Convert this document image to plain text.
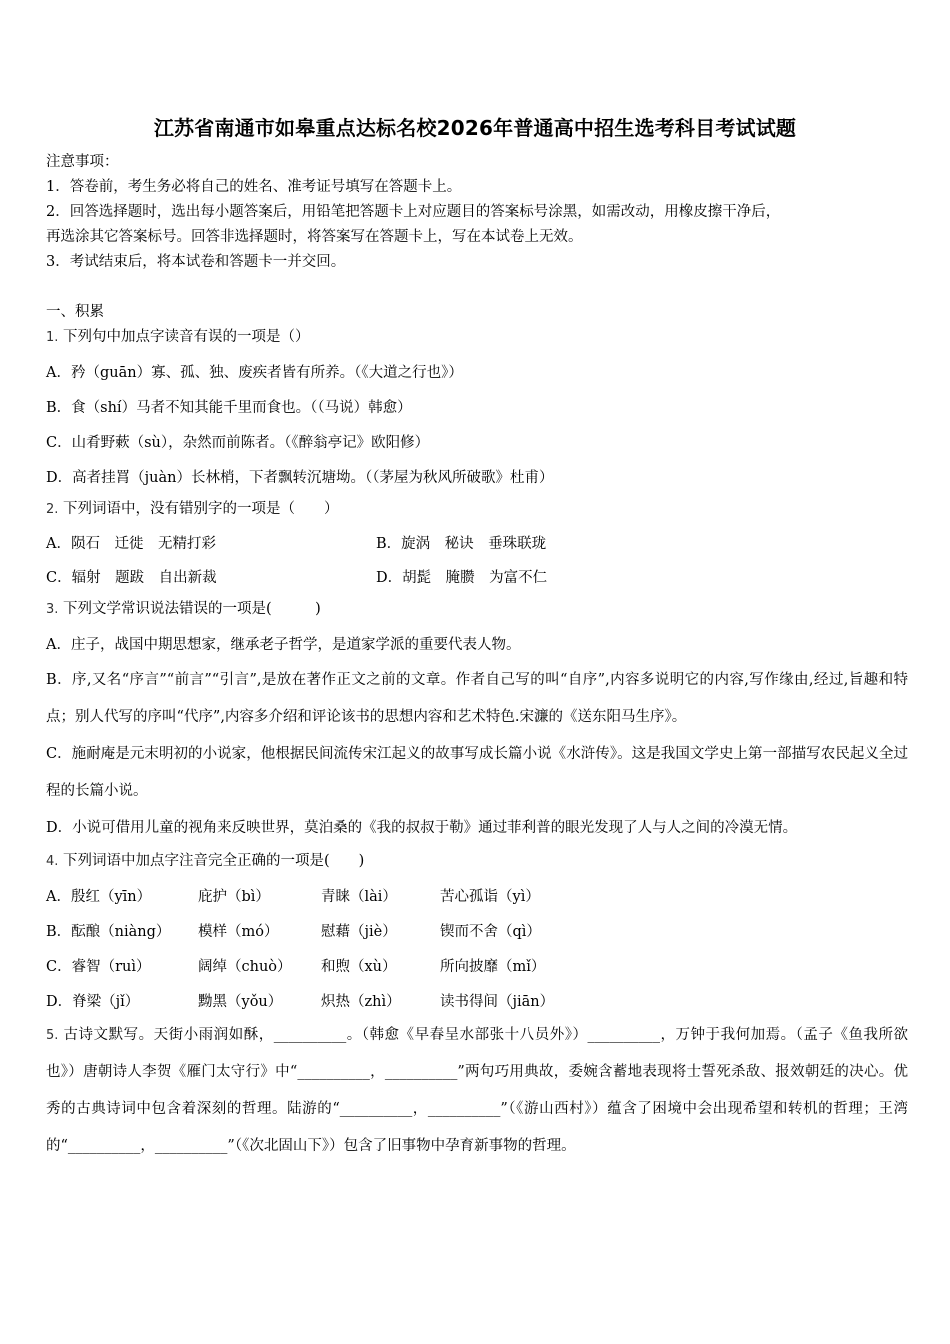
江苏省南通市如皋重点达标名校2026年普通高中招生选考科目考试试题
注意事项：
1．答卷前，考生务必将自己的姓名、准考证号填写在答题卡上。
2．回答选择题时，选出每小题答案后，用铅笔把答题卡上对应题目的答案标号涂黑，如需改动，用橡皮擦干净后，
再选涂其它答案标号。回答非选择题时，将答案写在答题卡上，写在本试卷上无效。
3．考试结束后，将本试卷和答题卡一并交回。
一、积累
1. 下列句中加点字读音有误的一项是（）
A．矜（guān）寡、孤、独、废疾者皆有所养。（《大道之行也》）
B．食（shí）马者不知其能千里而食也。（（马说）韩愈）
C．山肴野蔌（sù），杂然而前陈者。（《醉翁亭记》欧阳修）
D．高者挂罥（juàn）长林梢，下者飘转沉塘坳。（（茅屋为秋风所破歌》杜甫）
2. 下列词语中，没有错别字的一项是（　　）
A．陨石　迁徙　无精打彩	B．旋涡　秘诀　垂珠联珑
C．辐射　题跋　自出新裁	D．胡髭　腌臜　为富不仁
3. 下列文学常识说法错误的一项是(　　　)
A．庄子，战国中期思想家，继承老子哲学，是道家学派的重要代表人物。
B．序,又名“序言”“前言”“引言”,是放在著作正文之前的文章。作者自己写的叫“自序”,内容多说明它的内容,写作缘由,经过,旨趣和特点；别人代写的序叫“代序”,内容多介绍和评论该书的思想内容和艺术特色.宋濂的《送东阳马生序》。
C．施耐庵是元末明初的小说家，他根据民间流传宋江起义的故事写成长篇小说《水浒传》。这是我国文学史上第一部描写农民起义全过程的长篇小说。
D．小说可借用儿童的视角来反映世界，莫泊桑的《我的叔叔于勒》通过菲利普的眼光发现了人与人之间的冷漠无情。
4. 下列词语中加点字注音完全正确的一项是(　　)
A．殷红（yīn）	庇护（bì）	青睐（lài）	苦心孤诣（yì）
B．酝酿（niàng）	模样（mó）	慰藉（jiè）	锲而不舍（qì）
C．睿智（ruì）	阔绰（chuò）	和煦（xù）	所向披靡（mǐ）
D．脊梁（jǐ）	黝黑（yǒu）	炽热（zhì）	读书得间（jiān）
5. 古诗文默写。天街小雨润如酥，__________。（韩愈《早春呈水部张十八员外》）__________，万钟于我何加焉。（孟子《鱼我所欲也》）唐朝诗人李贺《雁门太守行》中“__________，__________”两句巧用典故，委婉含蓄地表现将士誓死杀敌、报效朝廷的决心。优秀的古典诗词中包含着深刻的哲理。陆游的“__________，__________”（《游山西村》）蕴含了困境中会出现希望和转机的哲理；王湾的“__________，__________”（《次北固山下》）包含了旧事物中孕育新事物的哲理。
